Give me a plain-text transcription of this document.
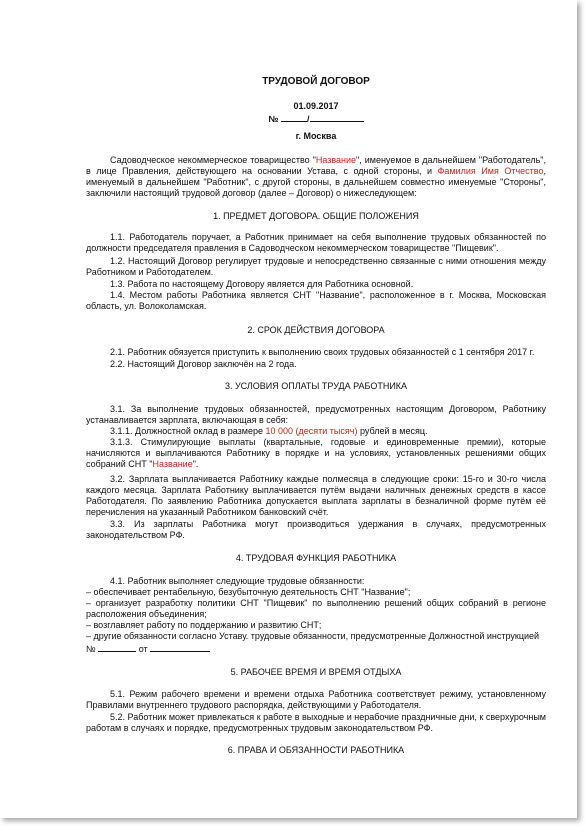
ТРУДОВОЙ ДОГОВОР
01.09.2017
№	/
г. Москва
Садоводческое некоммерческое товарищество "Название", именуемое в дальнейшем "Работодатель", в лице Правления, действующего на основании Устава, с одной стороны, и Фамилия Имя Отчество, именуемый в дальнейшем "Работник", с другой стороны, в дальнейшем совместно именуемые "Стороны", заключили настоящий трудовой договор (далее – Договор) о нижеследующем:
1. ПРЕДМЕТ ДОГОВОРА. ОБЩИЕ ПОЛОЖЕНИЯ
1.1. Работодатель поручает, а Работник принимает на себя выполнение трудовых обязанностей по должности председателя правления в Садоводческом некоммерческом товариществе "Пищевик".
1.2. Настоящий Договор регулирует трудовые и непосредственно связанные с ними отношения между Работником и Работодателем.
1.3. Работа по настоящему Договору является для Работника основной.
1.4. Местом работы Работника является СНТ "Название", расположенное в г. Москва, Московская область, ул. Волоколамская.
2. СРОК ДЕЙСТВИЯ ДОГОВОРА
2.1. Работник обязуется приступить к выполнению своих трудовых обязанностей с 1 сентября 2017 г.
2.2. Настоящий Договор заключён на 2 года.
3. УСЛОВИЯ ОПЛАТЫ ТРУДА РАБОТНИКА
3.1. За выполнение трудовых обязанностей, предусмотренных настоящим Договором, Работнику устанавливается зарплата, включающая в себя:
3.1.1. Должностной оклад в размере 10 000 (десяти тысяч) рублей в месяц.
3.1.3. Стимулирующие выплаты (квартальные, годовые и единовременные премии), которые начисляются и выплачиваются Работнику в порядке и на условиях, установленных решениями общих собраний СНТ "Название".
3.2. Зарплата выплачивается Работнику каждые полмесяца в следующие сроки: 15-го и 30-го числа каждого месяца. Зарплата Работнику выплачивается путём выдачи наличных денежных средств в кассе Работодателя. По заявлению Работника допускается выплата зарплаты в безналичной форме путём её перечисления на указанный Работником банковский счёт.
3.3. Из зарплаты Работника могут производиться удержания в случаях, предусмотренных законодательством РФ.
4. ТРУДОВАЯ ФУНКЦИЯ РАБОТНИКА
4.1. Работник выполняет следующие трудовые обязанности:
– обеспечивает рентабельную, безубыточную деятельность СНТ "Название";
– организует разработку политики СНТ "Пищевик" по выполнению решений общих собраний в регионе расположения объединения;
– возглавляет работу по поддержанию и развитию СНТ;
– другие обязанности согласно Уставу. трудовые обязанности, предусмотренные Должностной инструкцией
№	от
5. РАБОЧЕЕ ВРЕМЯ И ВРЕМЯ ОТДЫХА
5.1. Режим рабочего времени и времени отдыха Работника соответствует режиму, установленному Правилами внутреннего трудового распорядка, действующими у Работодателя.
5.2. Работник может привлекаться к работе в выходные и нерабочие праздничные дни, к сверхурочным работам в случаях и порядке, предусмотренных трудовым законодательством РФ.
6. ПРАВА И ОБЯЗАННОСТИ РАБОТНИКА
